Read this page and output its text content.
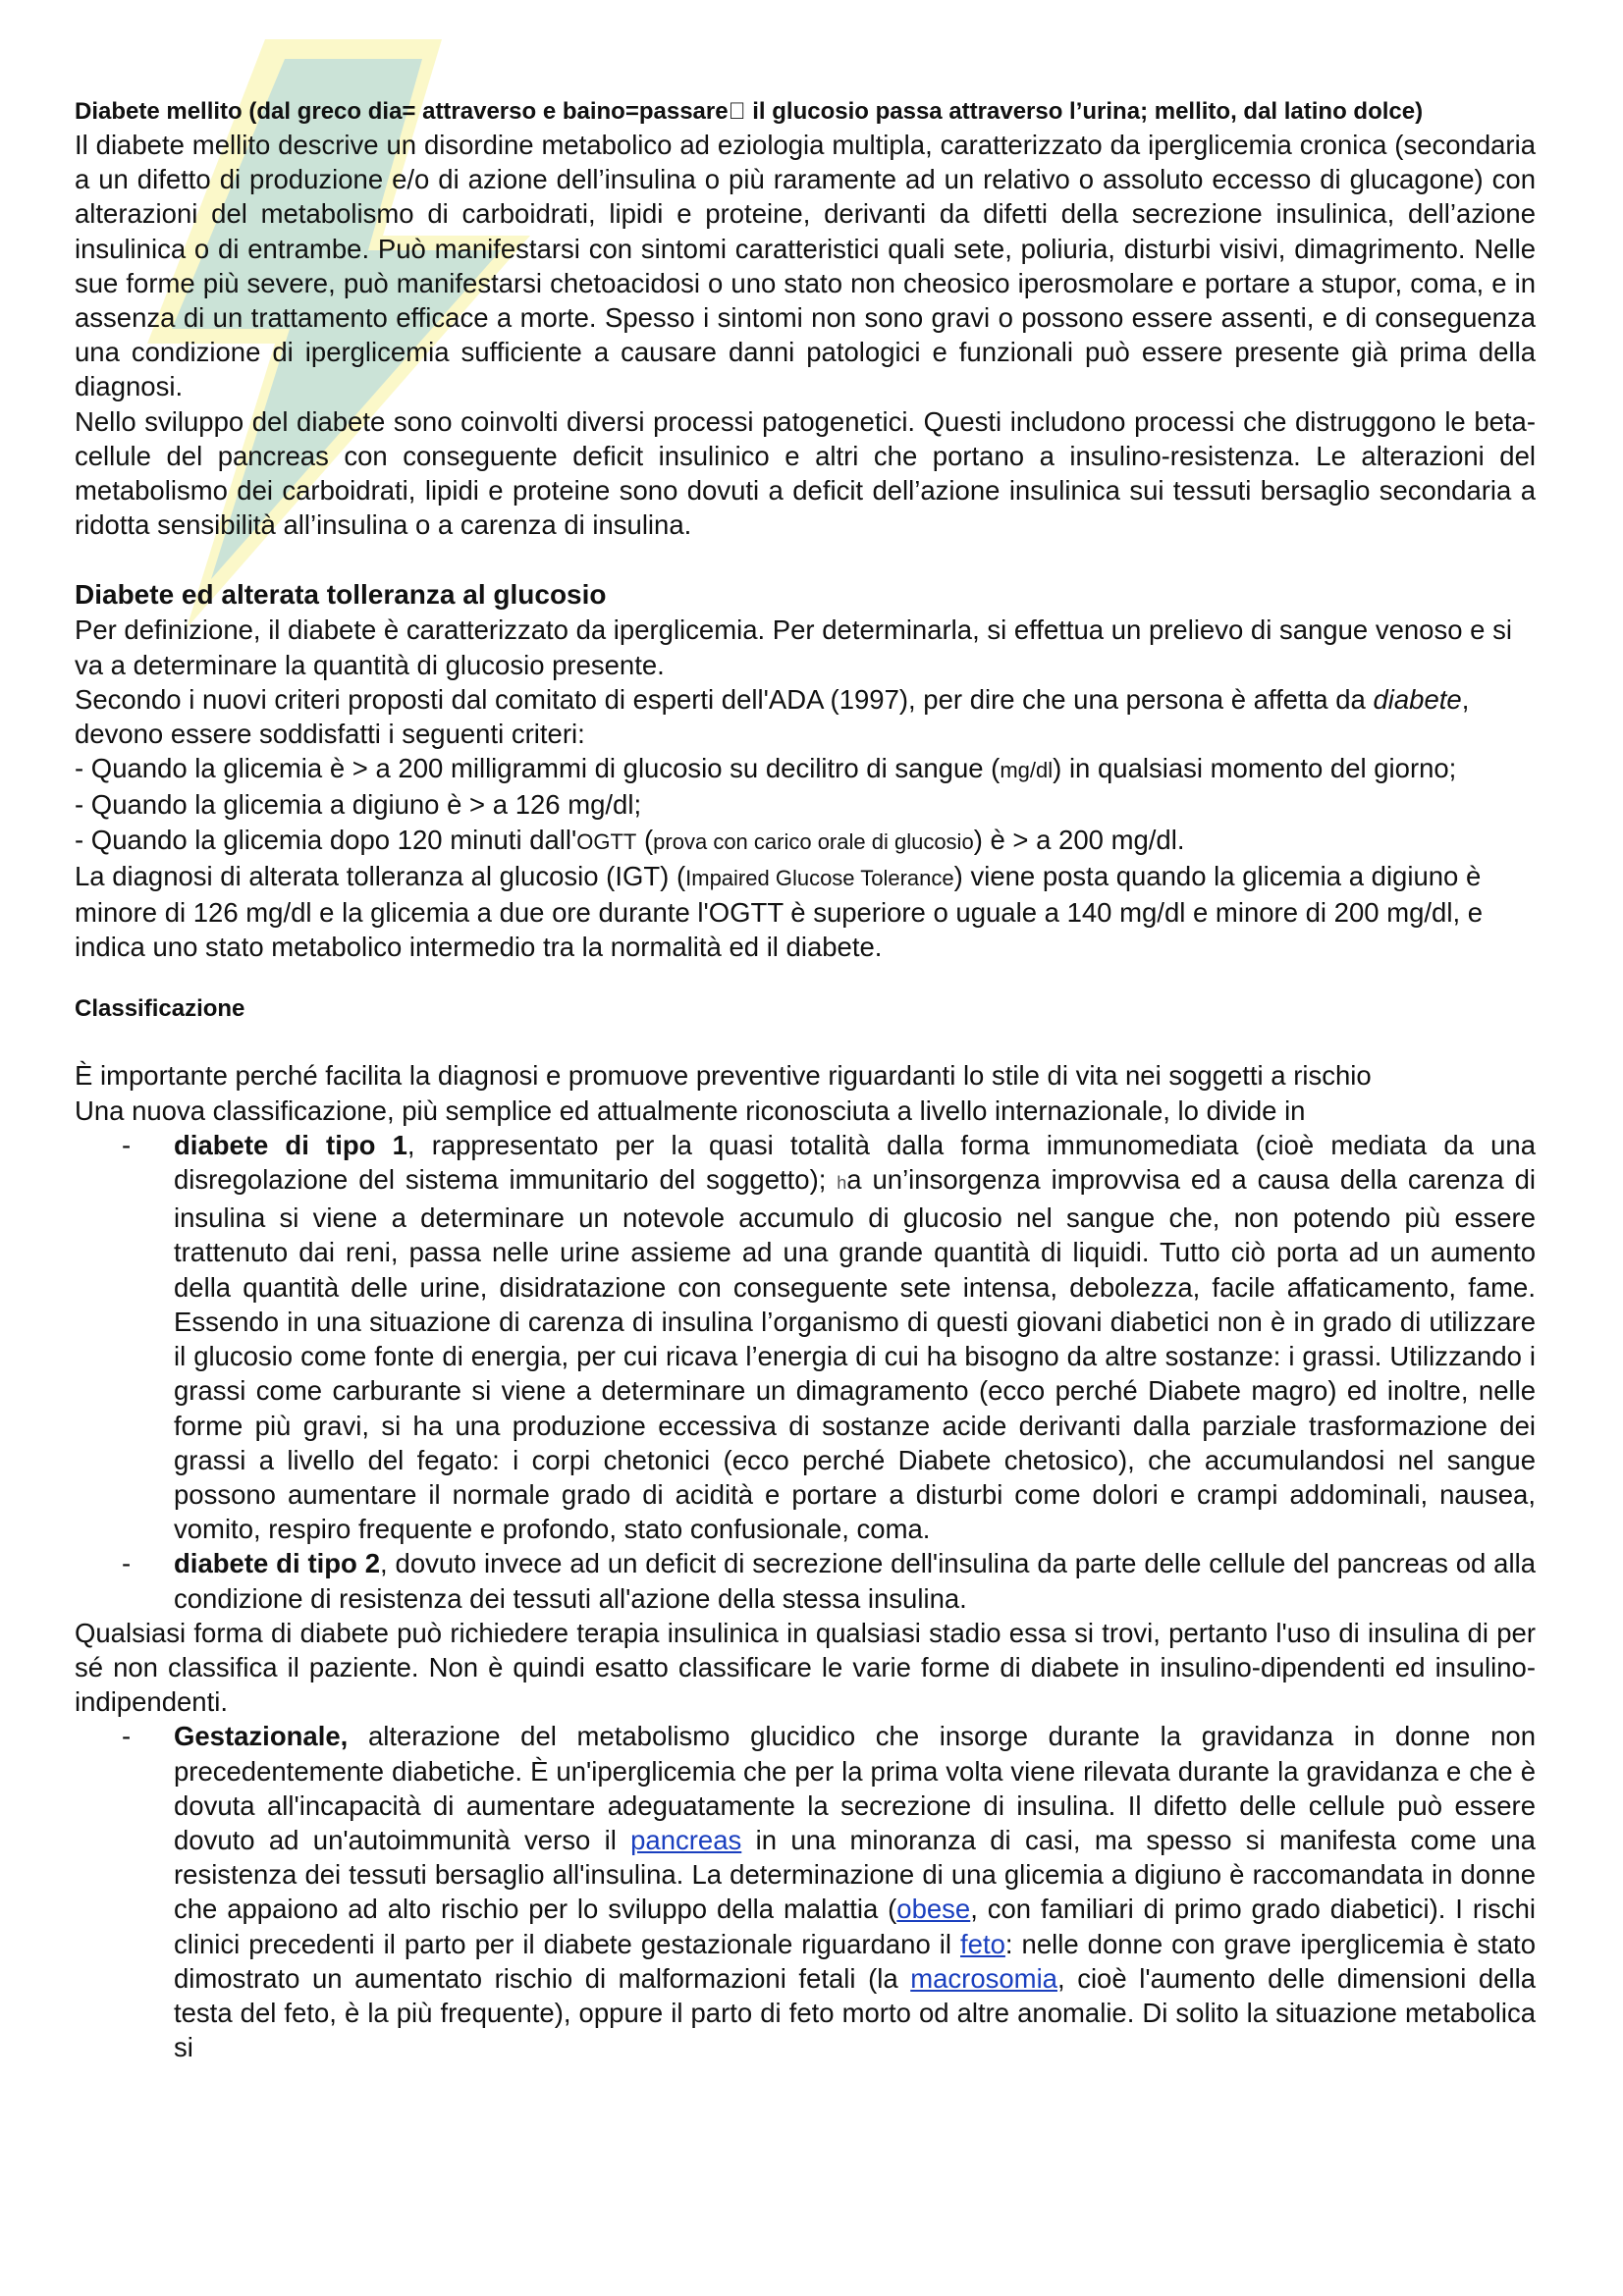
Diabete mellito (dal greco dia= attraverso e baino=passare il glucosio passa attraverso l’urina; mellito, dal latino dolce)

Il diabete mellito descrive un disordine metabolico ad eziologia multipla, caratterizzato da iperglicemia cronica (secondaria a un difetto di produzione e/o di azione dell’insulina o più raramente ad un relativo o assoluto eccesso di glucagone) con alterazioni del metabolismo di carboidrati, lipidi e proteine, derivanti da difetti della secrezione insulinica, dell’azione insulinica o di entrambe. Può manifestarsi con sintomi caratteristici quali sete, poliuria, disturbi visivi, dimagrimento. Nelle sue forme più severe, può manifestarsi chetoacidosi o uno stato non cheosico iperosmolare e portare a stupor, coma, e in assenza di un trattamento efficace a morte. Spesso i sintomi non sono gravi o possono essere assenti, e di conseguenza una condizione di iperglicemia sufficiente a causare danni patologici e funzionali può essere presente già prima della diagnosi.

Nello sviluppo del diabete sono coinvolti diversi processi patogenetici. Questi includono processi che distruggono le beta-cellule del pancreas con conseguente deficit insulinico e altri che portano a insulino-resistenza. Le alterazioni del metabolismo dei carboidrati, lipidi e proteine sono dovuti a deficit dell’azione insulinica sui tessuti bersaglio secondaria a ridotta sensibilità all’insulina o a carenza di insulina.

Diabete ed alterata tolleranza al glucosio

Per definizione, il diabete è caratterizzato da iperglicemia. Per determinarla, si effettua un prelievo di sangue venoso e si va a determinare la quantità di glucosio presente.

Secondo i nuovi criteri proposti dal comitato di esperti dell'ADA (1997), per dire che una persona è affetta da diabete, devono essere soddisfatti i seguenti criteri:

- Quando la glicemia è > a 200 milligrammi di glucosio su decilitro di sangue (mg/dl) in qualsiasi momento del giorno;

- Quando la glicemia a digiuno è > a 126 mg/dl;

- Quando la glicemia dopo 120 minuti dall'OGTT (prova con carico orale di glucosio) è > a 200 mg/dl.

La diagnosi di alterata tolleranza al glucosio (IGT) (Impaired Glucose Tolerance) viene posta quando la glicemia a digiuno è minore di 126 mg/dl e la glicemia a due ore durante l'OGTT è superiore o uguale a 140 mg/dl e minore di 200 mg/dl, e indica uno stato metabolico intermedio tra la normalità ed il diabete.

Classificazione

È importante perché facilita la diagnosi e promuove preventive riguardanti lo stile di vita nei soggetti a rischio

Una nuova classificazione, più semplice ed attualmente riconosciuta a livello internazionale, lo divide in

- diabete di tipo 1, rappresentato per la quasi totalità dalla forma immunomediata (cioè mediata da una disregolazione del sistema immunitario del soggetto); ha un’insorgenza improvvisa ed a causa della carenza di insulina si viene a determinare un notevole accumulo di glucosio nel sangue che, non potendo più essere trattenuto dai reni, passa nelle urine assieme ad una grande quantità di liquidi. Tutto ciò porta ad un aumento della quantità delle urine, disidratazione con conseguente sete intensa, debolezza, facile affaticamento, fame. Essendo in una situazione di carenza di insulina l’organismo di questi giovani diabetici non è in grado di utilizzare il glucosio come fonte di energia, per cui ricava l’energia di cui ha bisogno da altre sostanze: i grassi. Utilizzando i grassi come carburante si viene a determinare un dimagramento (ecco perché Diabete magro) ed inoltre, nelle forme più gravi, si ha una produzione eccessiva di sostanze acide derivanti dalla parziale trasformazione dei grassi a livello del fegato: i corpi chetonici (ecco perché Diabete chetosico), che accumulandosi nel sangue possono aumentare il normale grado di acidità e portare a disturbi come dolori e crampi addominali, nausea, vomito, respiro frequente e profondo, stato confusionale, coma.
- diabete di tipo 2, dovuto invece ad un deficit di secrezione dell'insulina da parte delle cellule del pancreas od alla condizione di resistenza dei tessuti all'azione della stessa insulina.

Qualsiasi forma di diabete può richiedere terapia insulinica in qualsiasi stadio essa si trovi, pertanto l'uso di insulina di per sé non classifica il paziente. Non è quindi esatto classificare le varie forme di diabete in insulino-dipendenti ed insulino-indipendenti.

- Gestazionale, alterazione del metabolismo glucidico che insorge durante la gravidanza in donne non precedentemente diabetiche. È un'iperglicemia che per la prima volta viene rilevata durante la gravidanza e che è dovuta all'incapacità di aumentare adeguatamente la secrezione di insulina. Il difetto delle cellule può essere dovuto ad un'autoimmunità verso il pancreas in una minoranza di casi, ma spesso si manifesta come una resistenza dei tessuti bersaglio all'insulina. La determinazione di una glicemia a digiuno è raccomandata in donne che appaiono ad alto rischio per lo sviluppo della malattia (obese, con familiari di primo grado diabetici). I rischi clinici precedenti il parto per il diabete gestazionale riguardano il feto: nelle donne con grave iperglicemia è stato dimostrato un aumentato rischio di malformazioni fetali (la macrosomia, cioè l'aumento delle dimensioni della testa del feto, è la più frequente), oppure il parto di feto morto od altre anomalie. Di solito la situazione metabolica si
